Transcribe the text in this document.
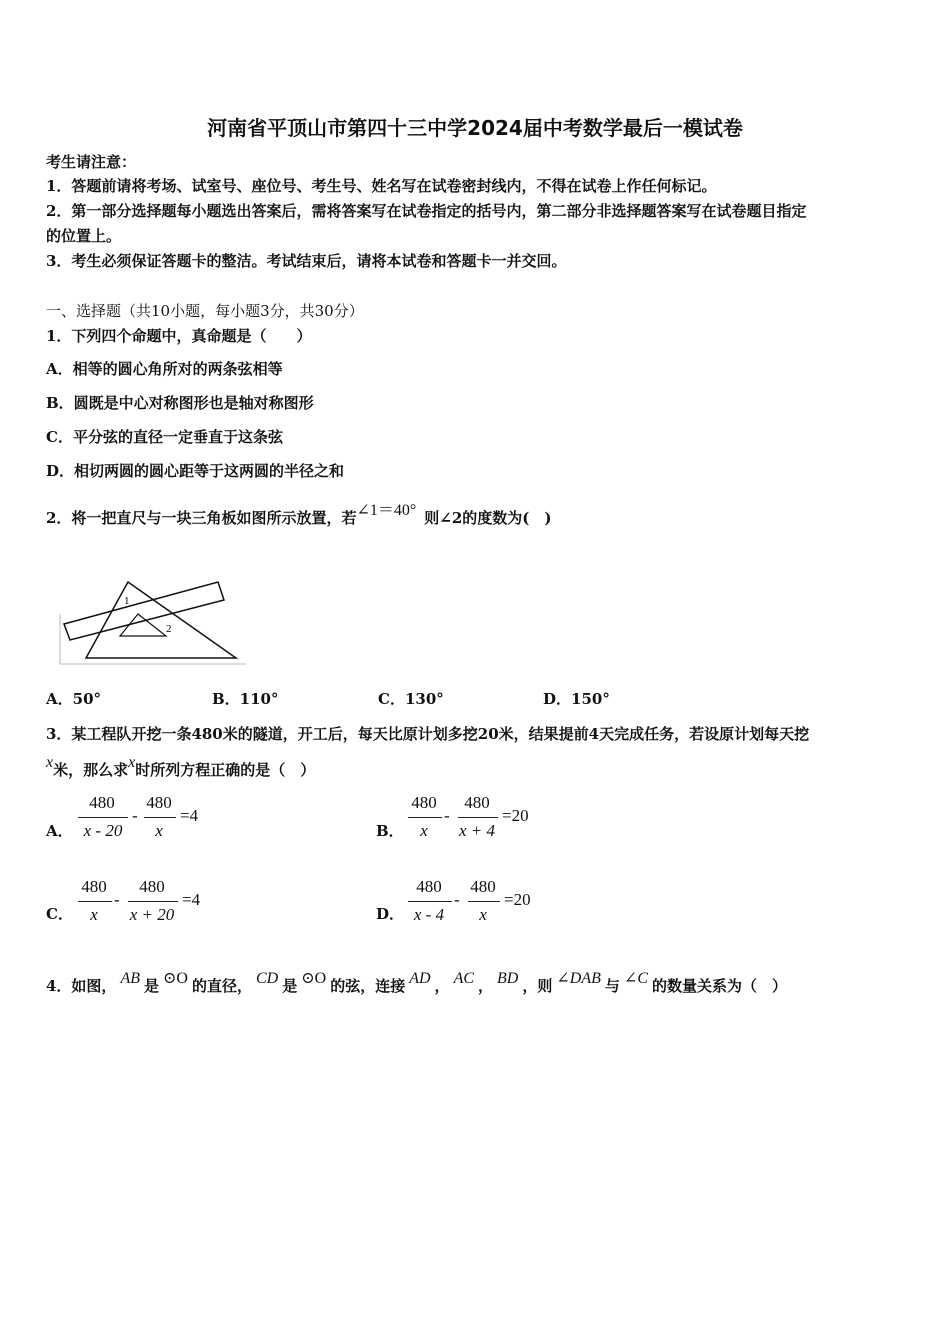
河南省平顶山市第四十三中学2024届中考数学最后一模试卷
考生请注意：
1．答题前请将考场、试室号、座位号、考生号、姓名写在试卷密封线内，不得在试卷上作任何标记。
2．第一部分选择题每小题选出答案后，需将答案写在试卷指定的括号内，第二部分非选择题答案写在试卷题目指定
的位置上。
3．考生必须保证答题卡的整洁。考试结束后，请将本试卷和答题卡一并交回。
一、选择题（共10小题，每小题3分，共30分）
1．下列四个命题中，真命题是（　　）
A．相等的圆心角所对的两条弦相等
B．圆既是中心对称图形也是轴对称图形
C．平分弦的直径一定垂直于这条弦
D．相切两圆的圆心距等于这两圆的半径之和
2．将一把直尺与一块三角板如图所示放置，若∠1＝40° 则∠2的度数为(　)
1
2
A．50°	B．110°	C．130°	D．150°
3．某工程队开挖一条480米的隧道，开工后，每天比原计划多挖20米，结果提前4天完成任务，若设原计划每天挖
x米，那么求x时所列方程正确的是（　）
A．
480
x - 20
-
480
x
=4
B．
480
x
-
480
x + 4
=20
C．
480
x
-
480
x + 20
=4
D．
480
x - 4
-
480
x
=20
4．如图， AB 是 ⊙O 的直径， CD 是 ⊙O 的弦，连接 AD ， AC ， BD ，则 ∠DAB 与 ∠C 的数量关系为（　）
